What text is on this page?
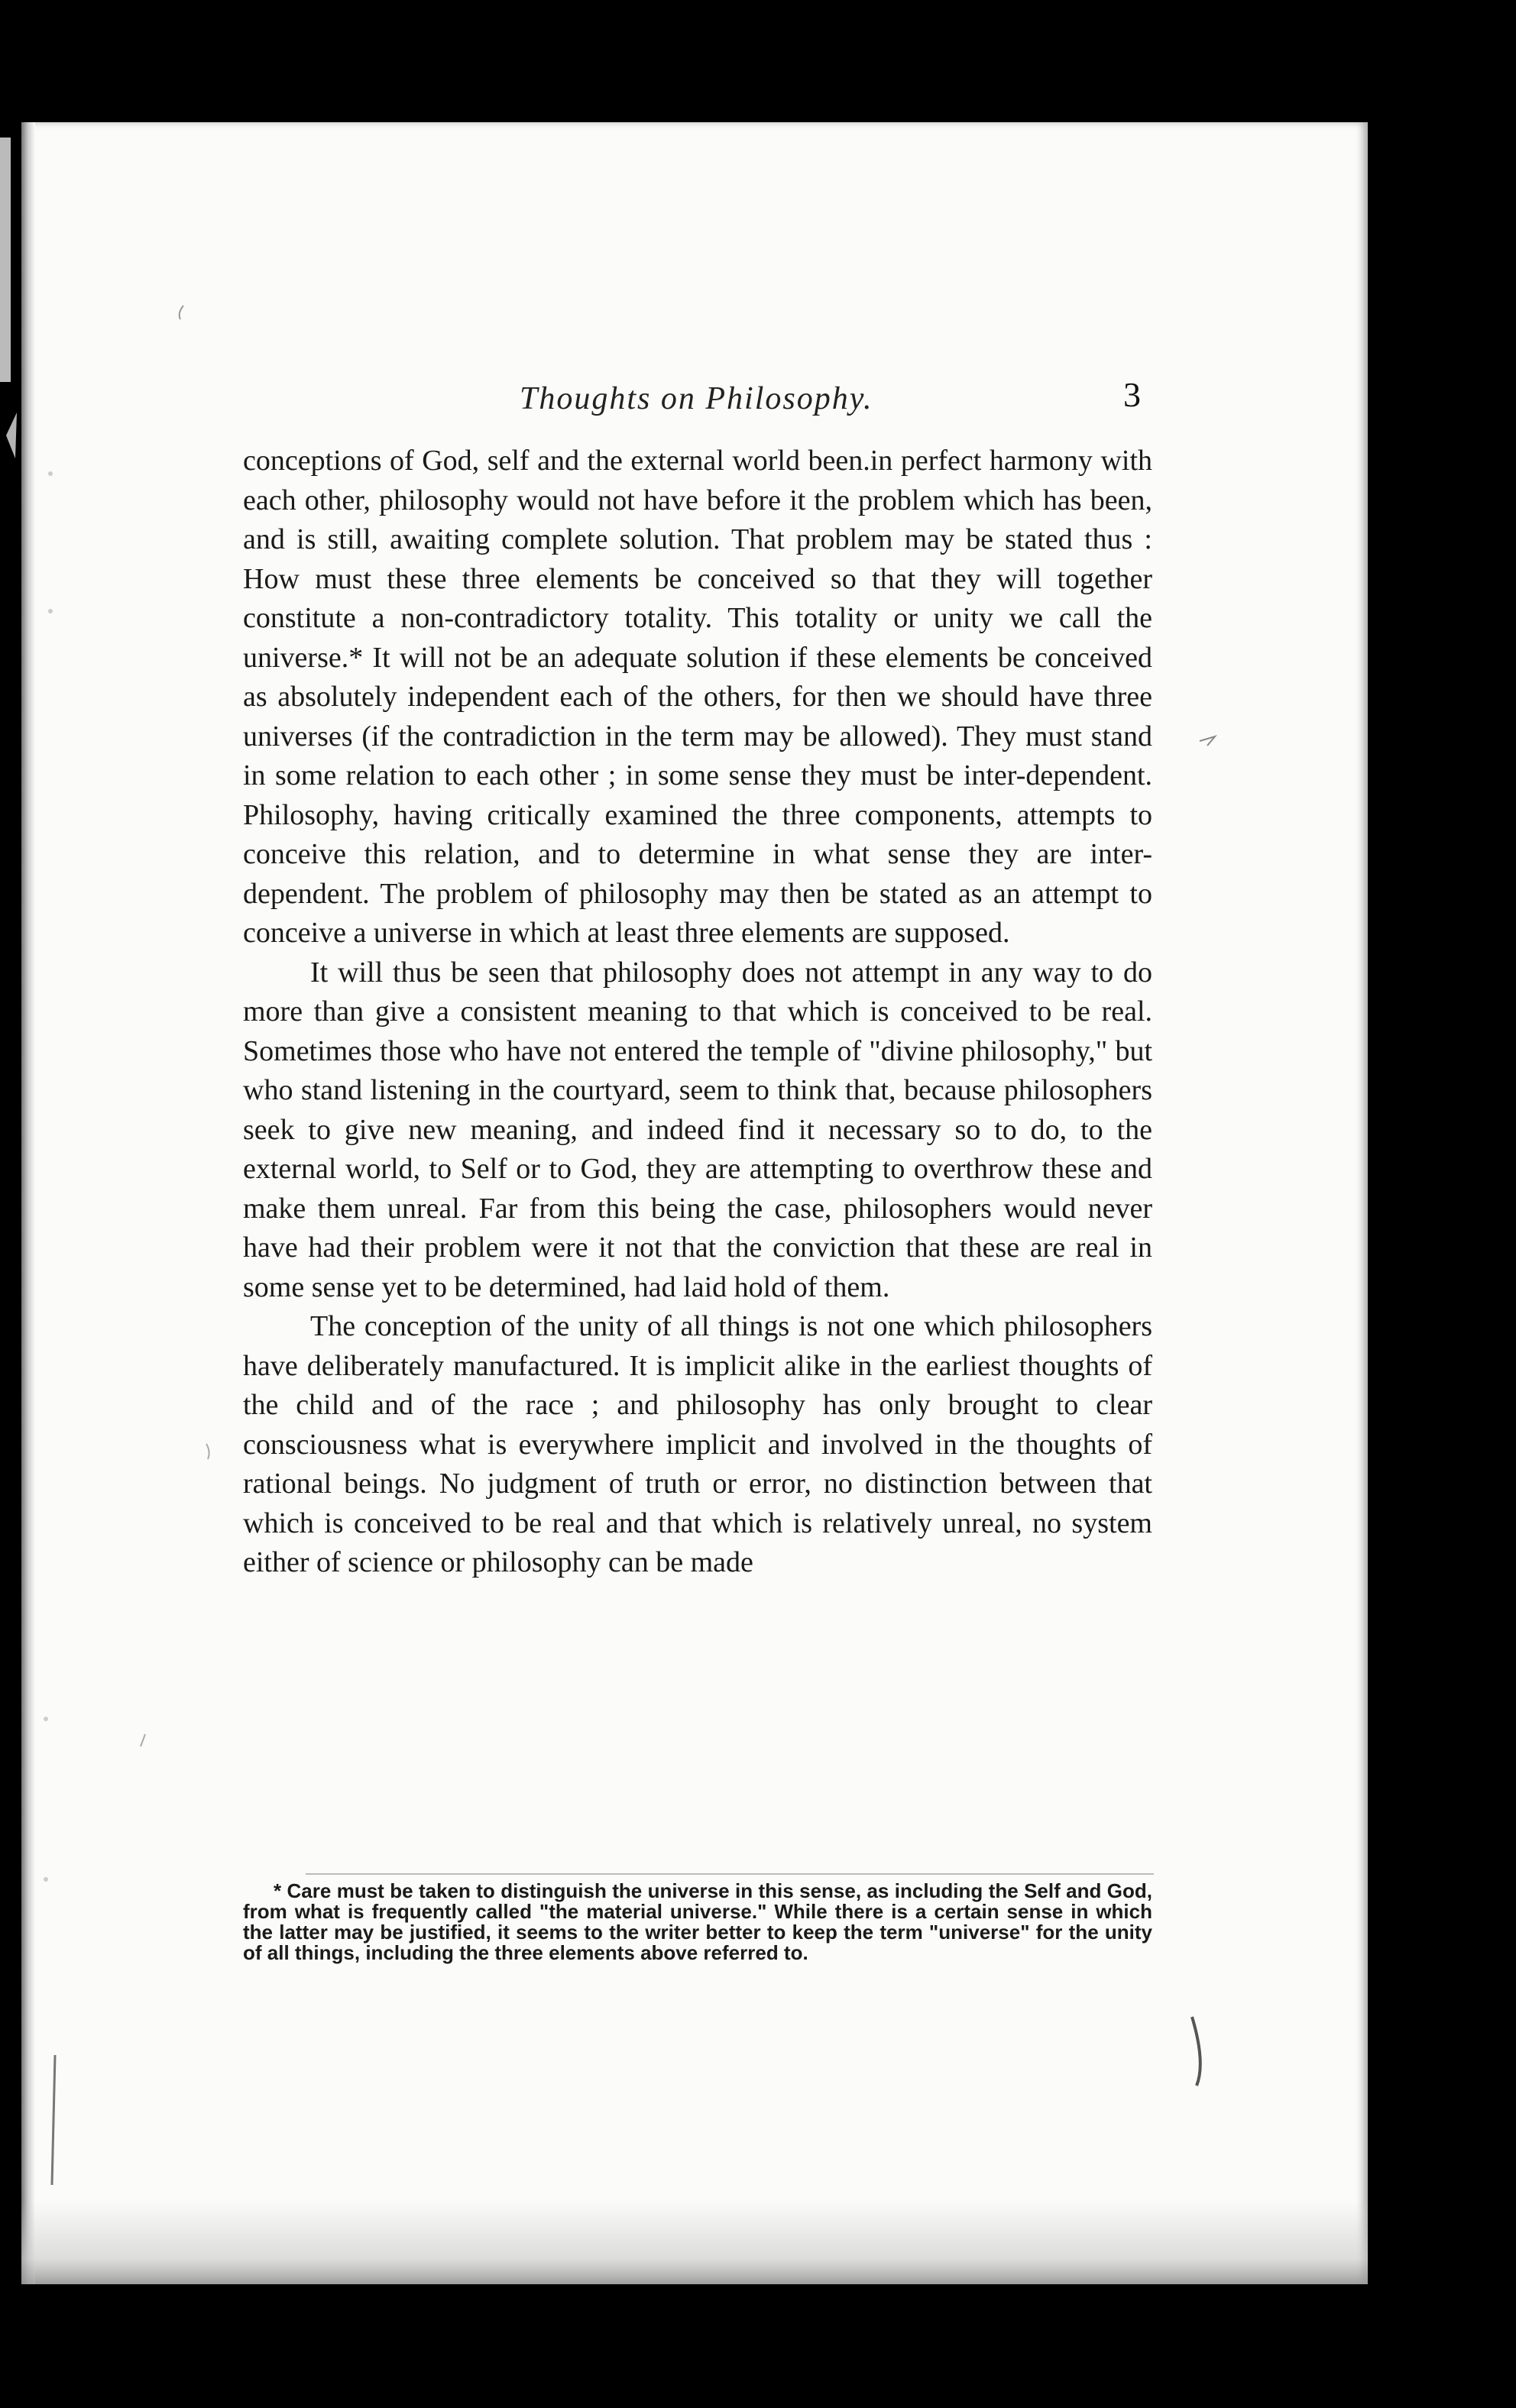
Thoughts on Philosophy.	3

conceptions of God, self and the external world been.in perfect harmony with each other, philosophy would not have before it the problem which has been, and is still, awaiting complete solution. That problem may be stated thus : How must these three elements be conceived so that they will together constitute a non-contradictory totality. This totality or unity we call the universe.* It will not be an adequate solution if these elements be conceived as absolutely independent each of the others, for then we should have three universes (if the contradiction in the term may be allowed). They must stand in some relation to each other ; in some sense they must be inter-dependent. Philosophy, having critically examined the three components, attempts to conceive this relation, and to determine in what sense they are inter-dependent. The problem of philosophy may then be stated as an attempt to conceive a universe in which at least three elements are supposed.

It will thus be seen that philosophy does not attempt in any way to do more than give a consistent meaning to that which is conceived to be real. Sometimes those who have not entered the temple of "divine philosophy," but who stand listening in the courtyard, seem to think that, because philosophers seek to give new meaning, and indeed find it necessary so to do, to the external world, to Self or to God, they are attempting to overthrow these and make them unreal. Far from this being the case, philosophers would never have had their problem were it not that the conviction that these are real in some sense yet to be determined, had laid hold of them.

The conception of the unity of all things is not one which philosophers have deliberately manufactured. It is implicit alike in the earliest thoughts of the child and of the race ; and philosophy has only brought to clear consciousness what is everywhere implicit and involved in the thoughts of rational beings. No judgment of truth or error, no distinction between that which is conceived to be real and that which is relatively unreal, no system either of science or philosophy can be made

* Care must be taken to distinguish the universe in this sense, as including the Self and God, from what is frequently called "the material universe." While there is a certain sense in which the latter may be justified, it seems to the writer better to keep the term "universe" for the unity of all things, including the three elements above referred to.
